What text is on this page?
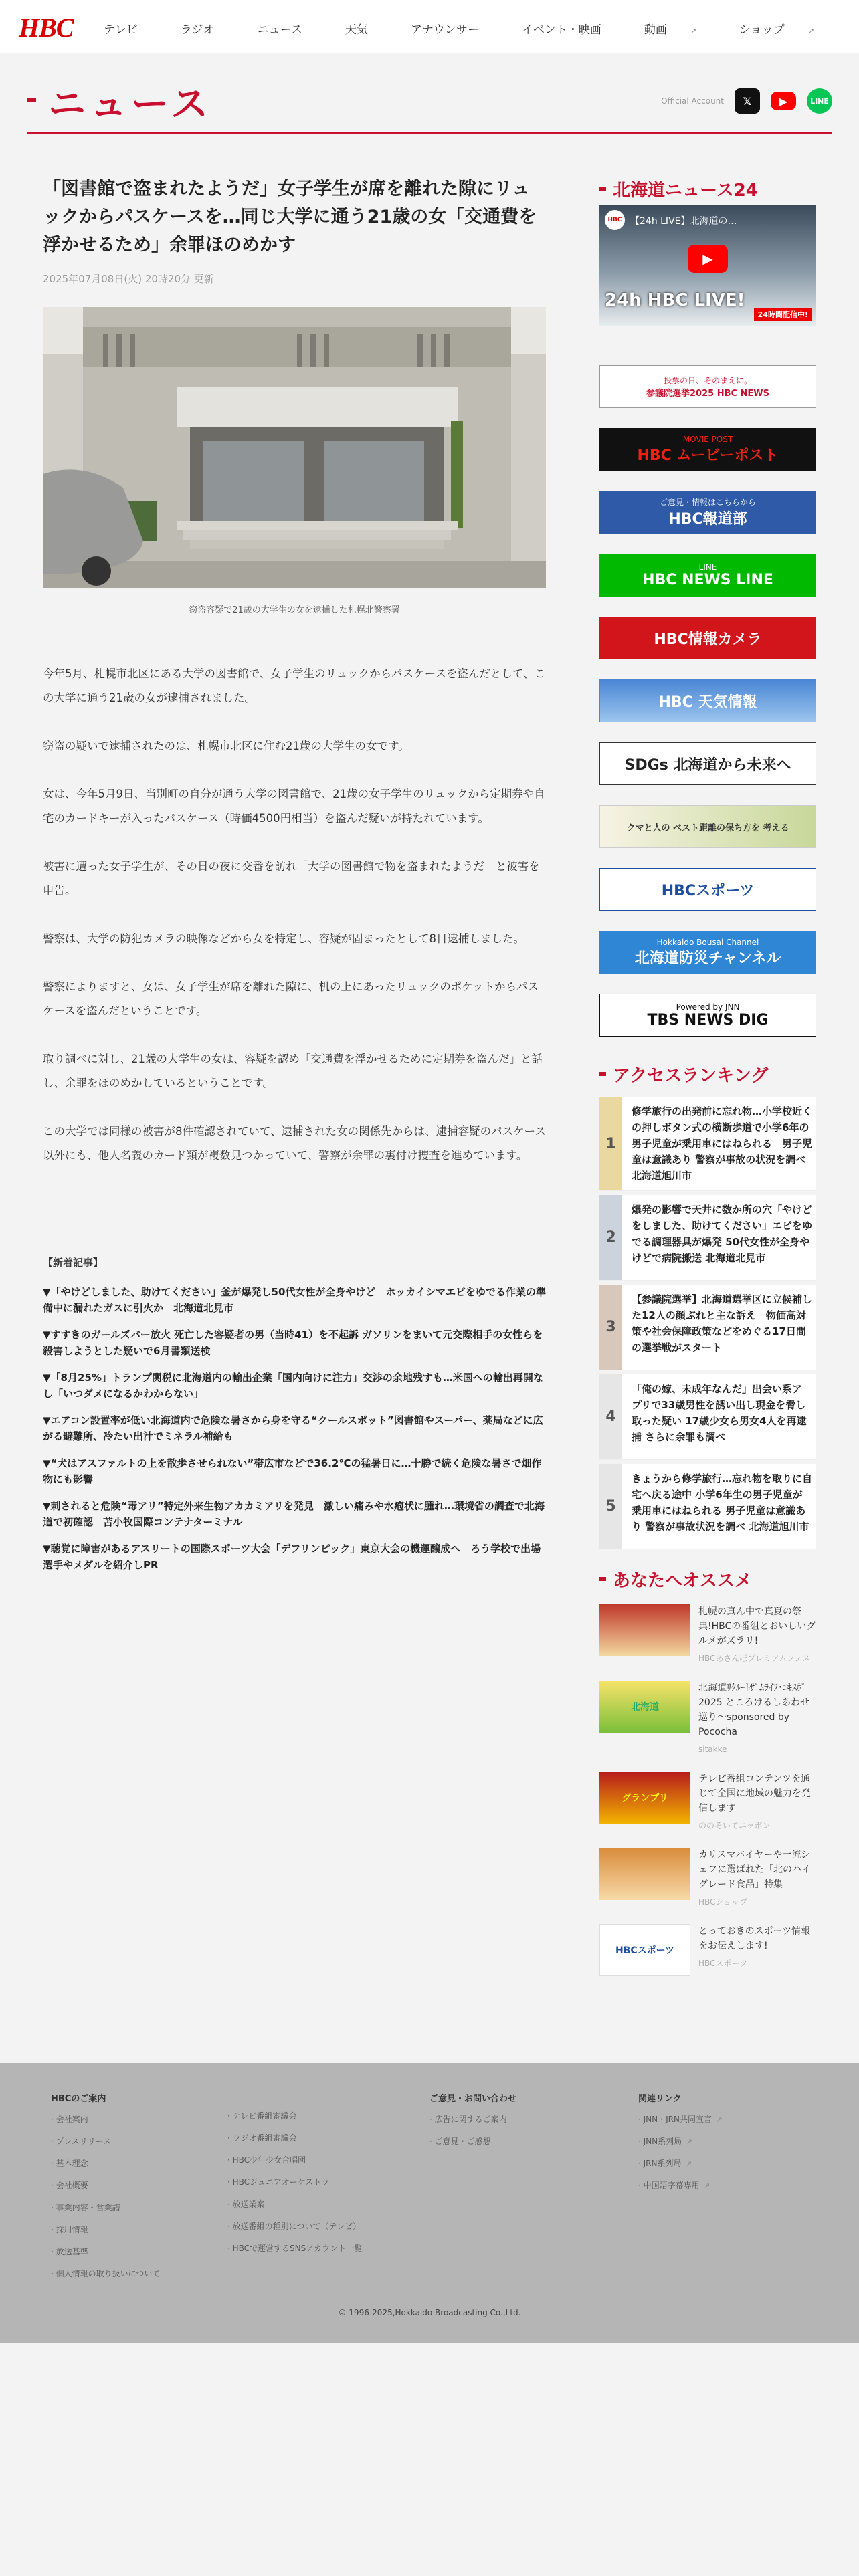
HBC	テレビ	ラジオ	ニュース	天気	アナウンサー	イベント・映画	動画	↗	ショップ	↗
ニュース	Official Account	𝕏	▶	LINE
「図書館で盗まれたようだ」女子学生が席を離れた隙にリュックからパスケースを…同じ大学に通う21歳の女「交通費を浮かせるため」余罪ほのめかす
2025年07月08日(火) 20時20分 更新
窃盗容疑で21歳の大学生の女を逮捕した札幌北警察署

今年5月、札幌市北区にある大学の図書館で、女子学生のリュックからパスケースを盗んだとして、この大学に通う21歳の女が逮捕されました。

窃盗の疑いで逮捕されたのは、札幌市北区に住む21歳の大学生の女です。

女は、今年5月9日、当別町の自分が通う大学の図書館で、21歳の女子学生のリュックから定期券や自宅のカードキーが入ったパスケース（時価4500円相当）を盗んだ疑いが持たれています。

被害に遭った女子学生が、その日の夜に交番を訪れ「大学の図書館で物を盗まれたようだ」と被害を申告。

警察は、大学の防犯カメラの映像などから女を特定し、容疑が固まったとして8日逮捕しました。

警察によりますと、女は、女子学生が席を離れた隙に、机の上にあったリュックのポケットからパスケースを盗んだということです。

取り調べに対し、21歳の大学生の女は、容疑を認め「交通費を浮かせるために定期券を盗んだ」と話し、余罪をほのめかしているということです。

この大学では同様の被害が8件確認されていて、逮捕された女の関係先からは、逮捕容疑のパスケース以外にも、他人名義のカード類が複数見つかっていて、警察が余罪の裏付け捜査を進めています。

【新着記事】
▼「やけどしました、助けてください」釜が爆発し50代女性が全身やけど　ホッカイシマエビをゆでる作業の準備中に漏れたガスに引火か　北海道北見市
▼すすきのガールズバー放火 死亡した容疑者の男（当時41）を不起訴 ガソリンをまいて元交際相手の女性らを殺害しようとした疑いで6月書類送検
▼「8月25%」トランプ関税に北海道内の輸出企業「国内向けに注力」交渉の余地残すも…米国への輸出再開なし「いつダメになるかわからない」
▼エアコン設置率が低い北海道内で危険な暑さから身を守る“クールスポット”図書館やスーパー、薬局などに広がる避難所、冷たい出汁でミネラル補給も
▼“犬はアスファルトの上を散歩させられない”帯広市などで36.2℃の猛暑日に…十勝で続く危険な暑さで畑作物にも影響
▼刺されると危険“毒アリ”特定外来生物アカカミアリを発見　激しい痛みや水疱状に腫れ…環境省の調査で北海道で初確認　苫小牧国際コンテナターミナル
▼聴覚に障害があるアスリートの国際スポーツ大会「デフリンピック」東京大会の機運醸成へ　ろう学校で出場選手やメダルを紹介しPR
北海道ニュース24
HBC 【24h LIVE】北海道の…
▶
24h HBC LIVE!
24時間配信中!
投票の日、そのまえに。
参議院選挙2025 HBC NEWS
MOVIE POST
HBC ムービーポスト
ご意見・情報はこちらから
HBC報道部
LINE
HBC NEWS LINE
HBC情報カメラ
HBC 天気情報
SDGs 北海道から未来へ
クマと人の ベスト距離の保ち方を 考える
HBCスポーツ
Hokkaido Bousai Channel
北海道防災チャンネル
Powered by JNN
TBS NEWS DIG
アクセスランキング
1
修学旅行の出発前に忘れ物…小学校近くの押しボタン式の横断歩道で小学6年の男子児童が乗用車にはねられる　男子児童は意識あり 警察が事故の状況を調べ 北海道旭川市
2
爆発の影響で天井に数か所の穴「やけどをしました、助けてください」エビをゆでる調理器具が爆発 50代女性が全身やけどで病院搬送 北海道北見市
3
【参議院選挙】北海道選挙区に立候補した12人の顔ぶれと主な訴え　物価高対策や社会保障政策などをめぐる17日間の選挙戦がスタート
4
「俺の嫁、未成年なんだ」出会い系アプリで33歳男性を誘い出し現金を脅し取った疑い 17歳少女ら男女4人を再逮捕 さらに余罪も調べ
5
きょうから修学旅行…忘れ物を取りに自宅へ戻る途中 小学6年生の男子児童が乗用車にはねられる 男子児童は意識あり 警察が事故状況を調べ 北海道旭川市
あなたへオススメ
札幌の真ん中で真夏の祭典!HBCの番組とおいしいグルメがズラリ!
HBCあさんぽプレミアムフェス
北海道
北海道ﾘｸﾙｰﾄｻﾞﾑﾗｲﾌ･ｴｷｽﾎﾟ2025 ところけるしあわせ巡り～sponsored by Pococha
sitakke
グランプリ
テレビ番組コンテンツを通じて全国に地域の魅力を発信します
ののそいてニッポン
カリスマバイヤーや一流シェフに選ばれた「北のハイグレード食品」特集
HBCショップ
HBCスポーツ
とっておきのスポーツ情報をお伝えします!
HBCスポーツ
HBCのご案内
· 会社案内
· プレスリリース
· 基本理念
· 会社概要
· 事業内容・営業譜
· 採用情報
· 放送基準
· 個人情報の取り扱いについて
· テレビ番組審議会
· ラジオ番組審議会
· HBC少年少女合唱団
· HBCジュニアオーケストラ
· 放送業案
· 放送番組の種別について（テレビ）
· HBCで運営するSNSアカウント一覧
ご意見・お問い合わせ
· 広告に関するご案内
· ご意見・ご感想
関連リンク
· JNN・JRN共同宣言 ↗
· JNN系列局 ↗
· JRN系列局 ↗
· 中国語字幕専用 ↗
© 1996-2025,Hokkaido Broadcasting Co.,Ltd.
